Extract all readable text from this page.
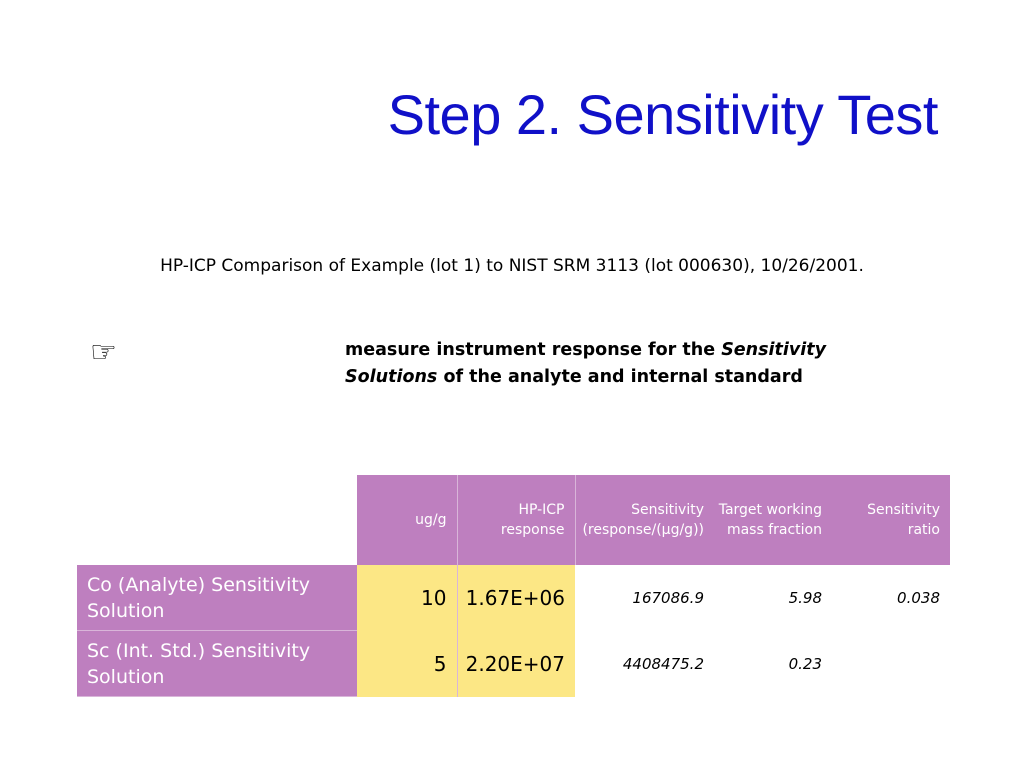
Step 2. Sensitivity Test
HP-ICP Comparison of Example (lot 1) to NIST SRM 3113 (lot 000630), 10/26/2001.
☞	measure instrument response for the Sensitivity Solutions of the analyte and internal standard
	ug/g	HP-ICP response	Sensitivity (response/(µg/g))	Target working mass fraction	Sensitivity ratio
Co (Analyte) Sensitivity Solution	10	1.67E+06	167086.9	5.98	0.038
Sc (Int. Std.) Sensitivity Solution	5	2.20E+07	4408475.2	0.23	
